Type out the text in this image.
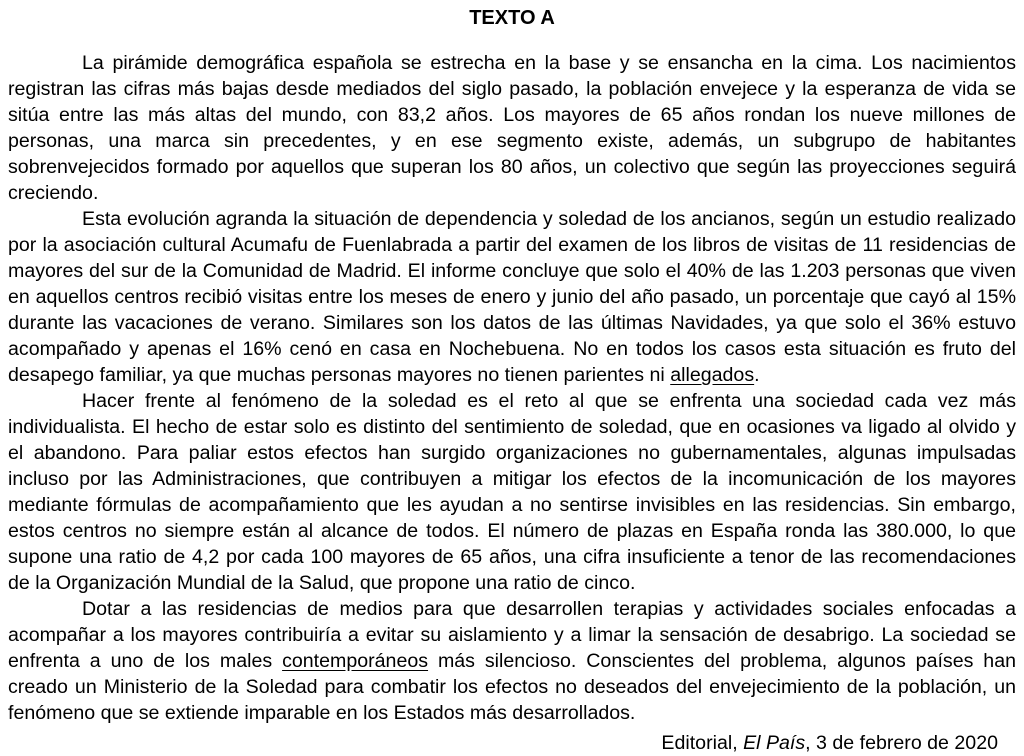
TEXTO A

La pirámide demográfica española se estrecha en la base y se ensancha en la cima. Los nacimientos registran las cifras más bajas desde mediados del siglo pasado, la población envejece y la esperanza de vida se sitúa entre las más altas del mundo, con 83,2 años. Los mayores de 65 años rondan los nueve millones de personas, una marca sin precedentes, y en ese segmento existe, además, un subgrupo de habitantes sobrenvejecidos formado por aquellos que superan los 80 años, un colectivo que según las proyecciones seguirá creciendo.

Esta evolución agranda la situación de dependencia y soledad de los ancianos, según un estudio realizado por la asociación cultural Acumafu de Fuenlabrada a partir del examen de los libros de visitas de 11 residencias de mayores del sur de la Comunidad de Madrid. El informe concluye que solo el 40% de las 1.203 personas que viven en aquellos centros recibió visitas entre los meses de enero y junio del año pasado, un porcentaje que cayó al 15% durante las vacaciones de verano. Similares son los datos de las últimas Navidades, ya que solo el 36% estuvo acompañado y apenas el 16% cenó en casa en Nochebuena. No en todos los casos esta situación es fruto del desapego familiar, ya que muchas personas mayores no tienen parientes ni allegados.

Hacer frente al fenómeno de la soledad es el reto al que se enfrenta una sociedad cada vez más individualista. El hecho de estar solo es distinto del sentimiento de soledad, que en ocasiones va ligado al olvido y el abandono. Para paliar estos efectos han surgido organizaciones no gubernamentales, algunas impulsadas incluso por las Administraciones, que contribuyen a mitigar los efectos de la incomunicación de los mayores mediante fórmulas de acompañamiento que les ayudan a no sentirse invisibles en las residencias. Sin embargo, estos centros no siempre están al alcance de todos. El número de plazas en España ronda las 380.000, lo que supone una ratio de 4,2 por cada 100 mayores de 65 años, una cifra insuficiente a tenor de las recomendaciones de la Organización Mundial de la Salud, que propone una ratio de cinco.

Dotar a las residencias de medios para que desarrollen terapias y actividades sociales enfocadas a acompañar a los mayores contribuiría a evitar su aislamiento y a limar la sensación de desabrigo. La sociedad se enfrenta a uno de los males contemporáneos más silencioso. Conscientes del problema, algunos países han creado un Ministerio de la Soledad para combatir los efectos no deseados del envejecimiento de la población, un fenómeno que se extiende imparable en los Estados más desarrollados.

Editorial, El País, 3 de febrero de 2020
